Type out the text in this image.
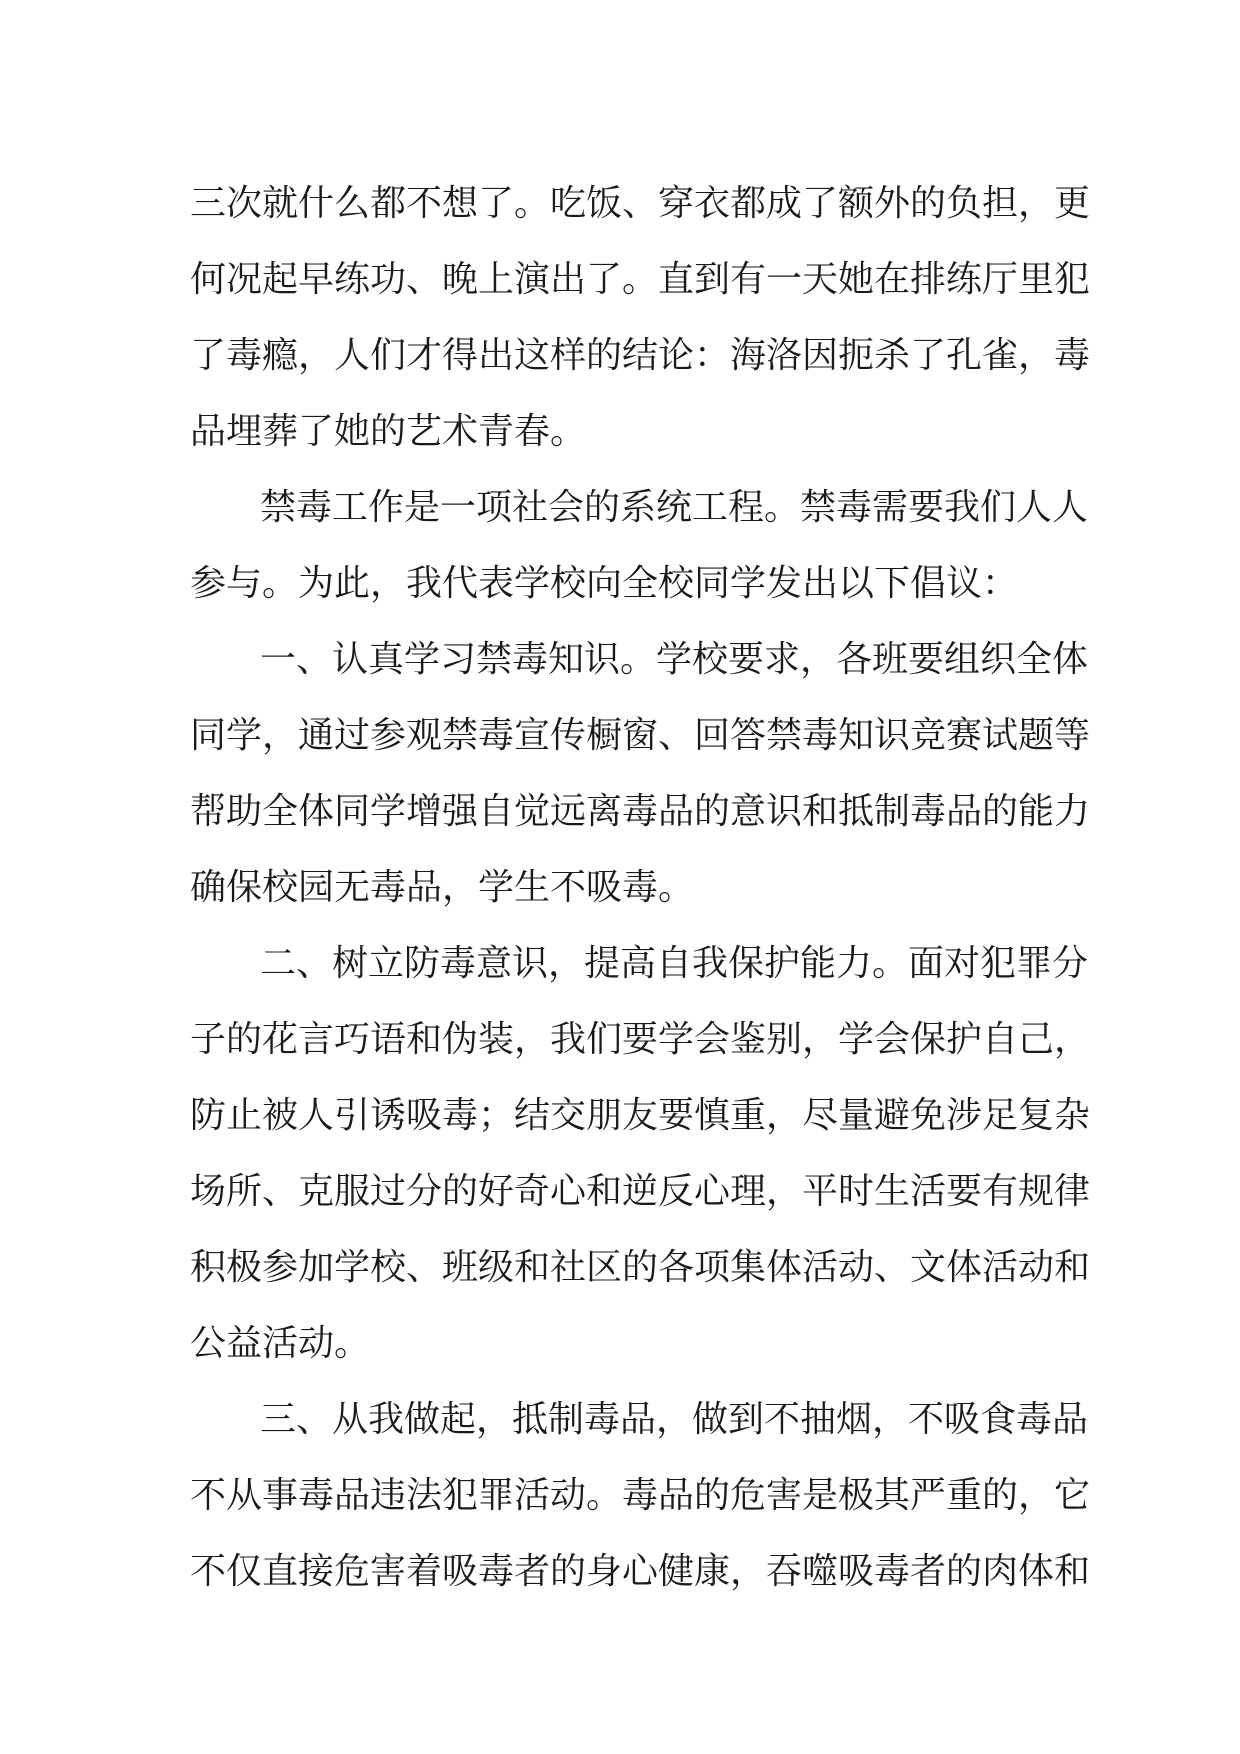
三次就什么都不想了。吃饭、穿衣都成了额外的负担，更
何况起早练功、晚上演出了。直到有一天她在排练厅里犯
了毒瘾，人们才得出这样的结论：海洛因扼杀了孔雀，毒
品埋葬了她的艺术青春。
禁毒工作是一项社会的系统工程。禁毒需要我们人人
参与。为此，我代表学校向全校同学发出以下倡议：
一、认真学习禁毒知识。学校要求，各班要组织全体
同学，通过参观禁毒宣传橱窗、回答禁毒知识竞赛试题等
帮助全体同学增强自觉远离毒品的意识和抵制毒品的能力
确保校园无毒品，学生不吸毒。
二、树立防毒意识，提高自我保护能力。面对犯罪分
子的花言巧语和伪装，我们要学会鉴别，学会保护自己，
防止被人引诱吸毒；结交朋友要慎重，尽量避免涉足复杂
场所、克服过分的好奇心和逆反心理，平时生活要有规律
积极参加学校、班级和社区的各项集体活动、文体活动和
公益活动。
三、从我做起，抵制毒品，做到不抽烟，不吸食毒品
不从事毒品违法犯罪活动。毒品的危害是极其严重的，它
不仅直接危害着吸毒者的身心健康，吞噬吸毒者的肉体和
